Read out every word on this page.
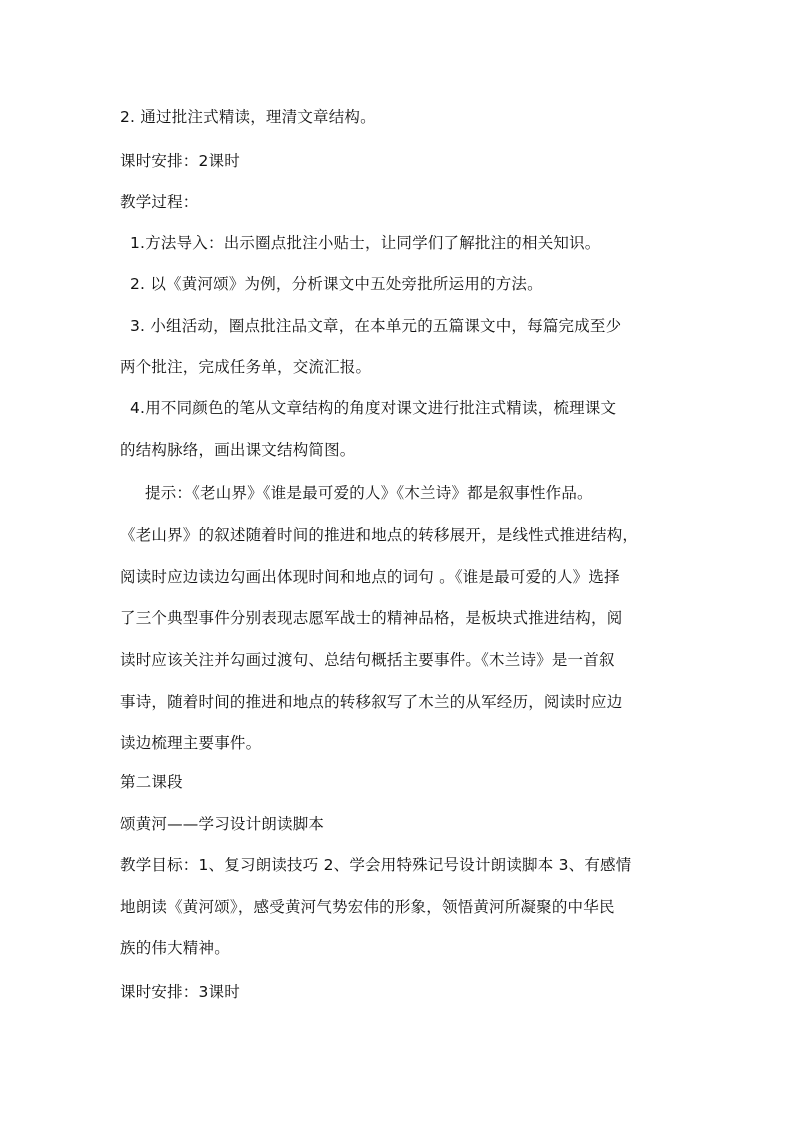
2. 通过批注式精读，理清文章结构。
课时安排：2课时
教学过程：
1.方法导入：出示圈点批注小贴士，让同学们了解批注的相关知识。
2. 以《黄河颂》为例，分析课文中五处旁批所运用的方法。
3. 小组活动，圈点批注品文章，在本单元的五篇课文中，每篇完成至少
两个批注，完成任务单，交流汇报。
4.用不同颜色的笔从文章结构的角度对课文进行批注式精读，梳理课文
的结构脉络，画出课文结构简图。
提示：《老山界》《谁是最可爱的人》《木兰诗》都是叙事性作品。
《老山界》的叙述随着时间的推进和地点的转移展开，是线性式推进结构，
阅读时应边读边勾画出体现时间和地点的词句 。《谁是最可爱的人》选择
了三个典型事件分别表现志愿军战士的精神品格，是板块式推进结构，阅
读时应该关注并勾画过渡句、总结句概括主要事件。《木兰诗》是一首叙
事诗，随着时间的推进和地点的转移叙写了木兰的从军经历，阅读时应边
读边梳理主要事件。
第二课段
颂黄河——学习设计朗读脚本
教学目标：1、复习朗读技巧 2、学会用特殊记号设计朗读脚本 3、有感情
地朗读《黄河颂》，感受黄河气势宏伟的形象，领悟黄河所凝聚的中华民
族的伟大精神。
课时安排：3课时
